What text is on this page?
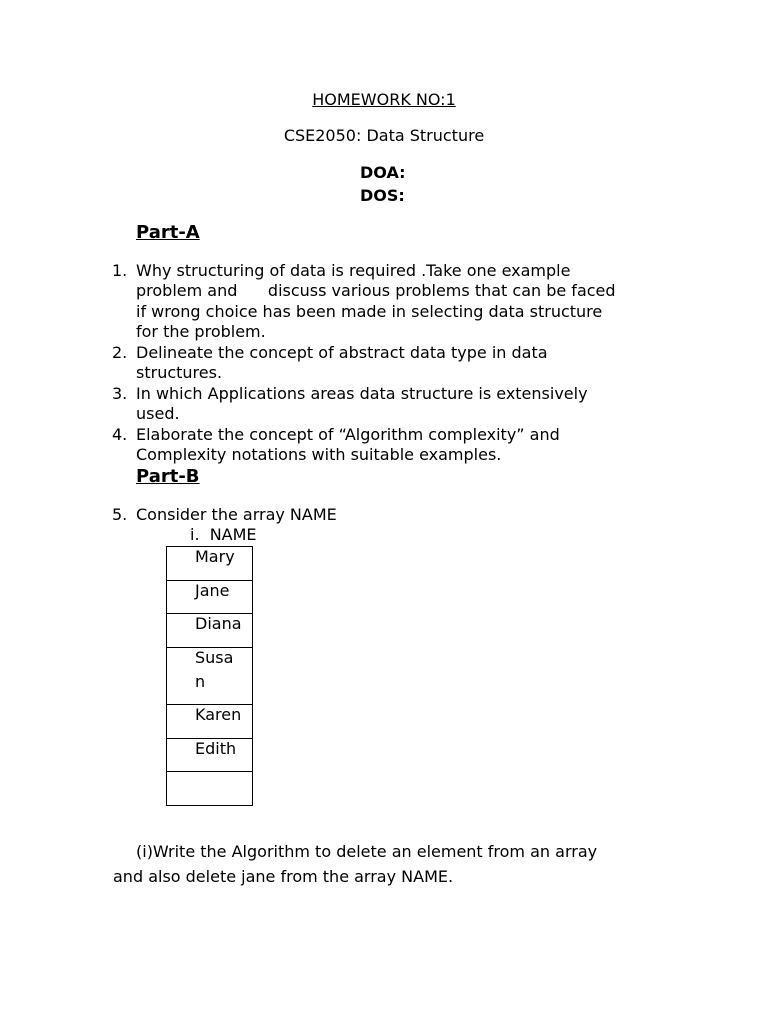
HOMEWORK NO:1
CSE2050: Data Structure
DOA:
DOS:
Part-A
1. Why structuring of data is required .Take one example
problem and      discuss various problems that can be faced
if wrong choice has been made in selecting data structure
for the problem.
2. Delineate the concept of abstract data type in data
structures.
3. In which Applications areas data structure is extensively
used.
4. Elaborate the concept of “Algorithm complexity” and
Complexity notations with suitable examples.
Part-B
5. Consider the array NAME
i.  NAME
Mary

Jane

Diana

Susa
n

Karen

Edith

(i)Write the Algorithm to delete an element from an array
and also delete jane from the array NAME.
